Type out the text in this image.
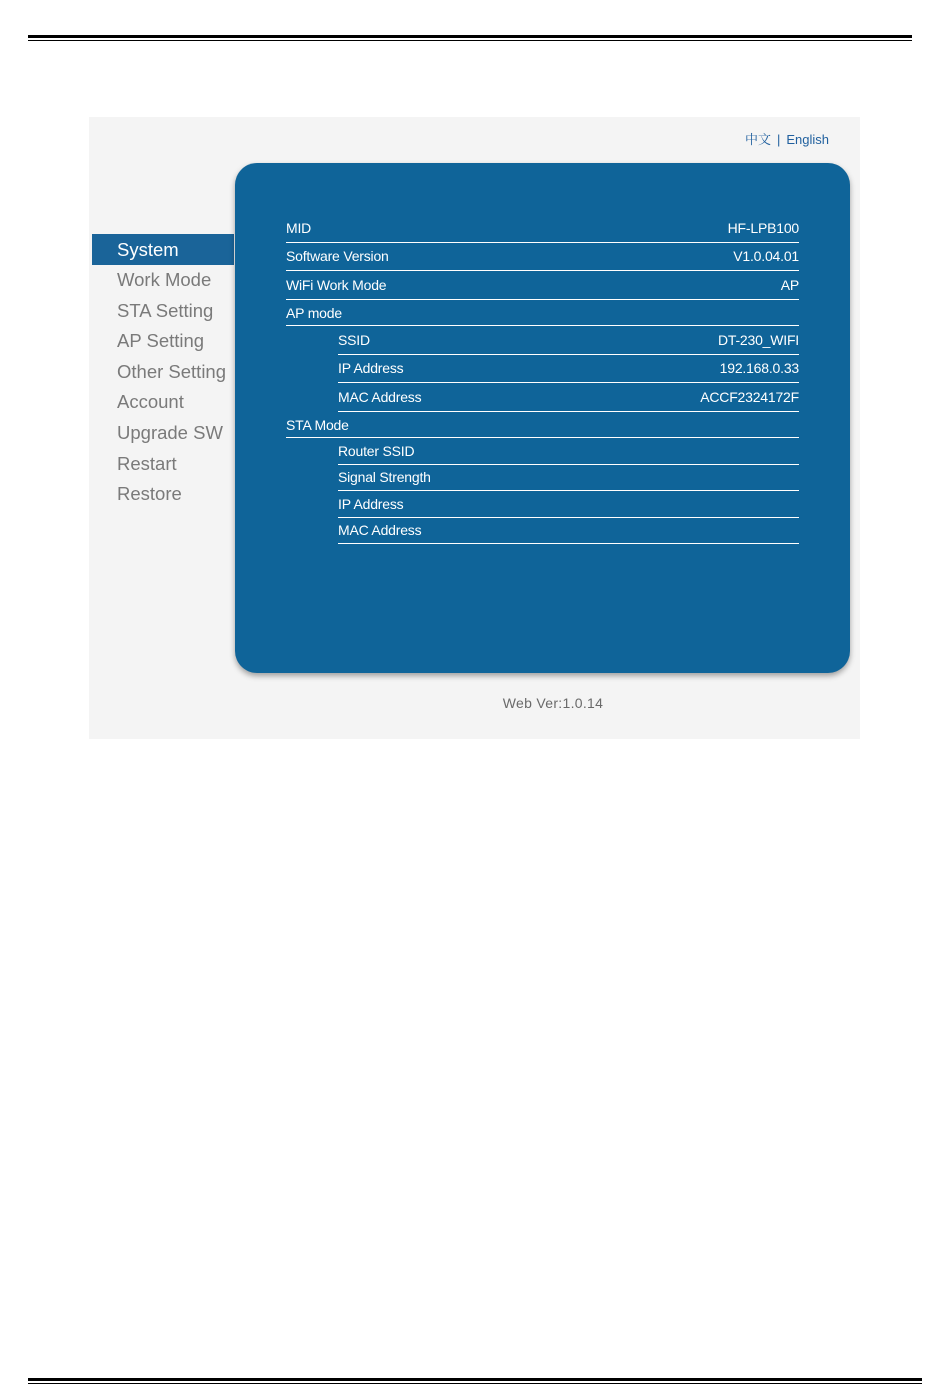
中文 | English
System
Work Mode
STA Setting
AP Setting
Other Setting
Account
Upgrade SW
Restart
Restore
MID	HF-LPB100
Software Version	V1.0.04.01
WiFi Work Mode	AP
AP mode
SSID	DT-230_WIFI
IP Address	192.168.0.33
MAC Address	ACCF2324172F
STA Mode
Router SSID
Signal Strength
IP Address
MAC Address
Web Ver:1.0.14
